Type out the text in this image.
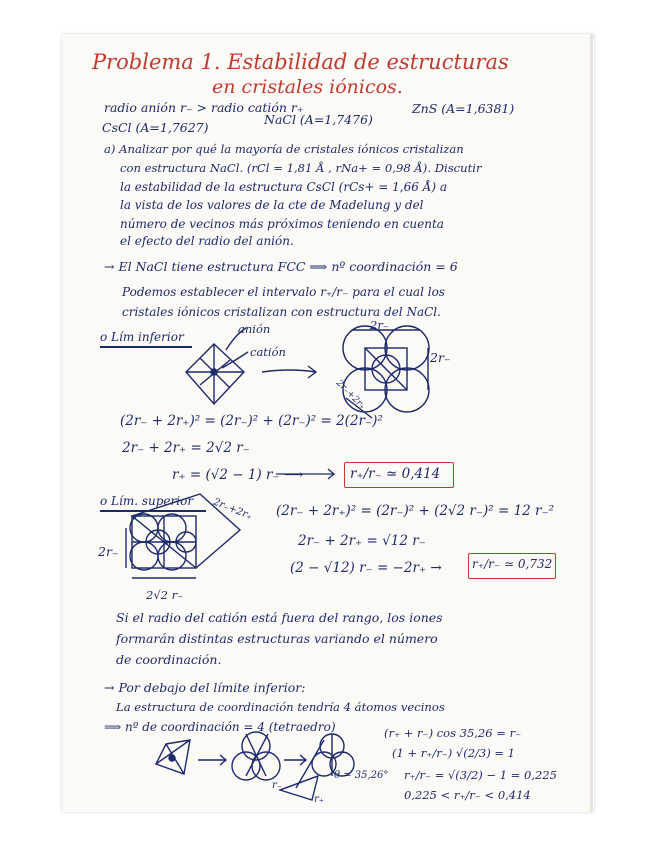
Problema 1. Estabilidad de estructuras
en cristales iónicos.
radio anión r₋ > radio catión r₊
CsCl (A=1,7627)
NaCl (A=1,7476)
ZnS (A=1,6381)
a) Analizar por qué la mayoría de cristales iónicos cristalizan
con estructura NaCl. (rCl = 1,81 Å , rNa+ = 0,98 Å). Discutir
la estabilidad de la estructura CsCl (rCs+ = 1,66 Å) a
la vista de los valores de la cte de Madelung y del
número de vecinos más próximos teniendo en cuenta
el efecto del radio del anión.
→ El NaCl tiene estructura FCC ⟹ nº coordinación = 6
Podemos establecer el intervalo r₊/r₋ para el cual los
cristales iónicos cristalizan con estructura del NaCl.
o Lím inferior
anión
catión
2r₋
2r₋
2r₋+2r₊
(2r₋ + 2r₊)² = (2r₋)² + (2r₋)² = 2(2r₋)²
2r₋ + 2r₊ = 2√2 r₋
r₊ = (√2 − 1) r₋ ⟶	r₊/r₋ ≃ 0,414
o Lím. superior 2r₋+2r₊
2r₋
2√2 r₋
(2r₋ + 2r₊)² = (2r₋)² + (2√2 r₋)² = 12 r₋²
2r₋ + 2r₊ = √12 r₋
(2 − √12) r₋ = −2r₊ →	r₊/r₋ ≃ 0,732
Si el radio del catión está fuera del rango, los iones
formarán distintas estructuras variando el número
de coordinación.
→ Por debajo del límite inferior:
La estructura de coordinación tendría 4 átomos vecinos
⟹ nº de coordinación = 4 (tetraedro)	(r₊ + r₋) cos 35,26 = r₋
(1 + r₊/r₋) √(2/3) = 1
r₊/r₋ = √(3/2) − 1 = 0,225
0,225 < r₊/r₋ < 0,414
θ = 35,26°
r₋
r₊
